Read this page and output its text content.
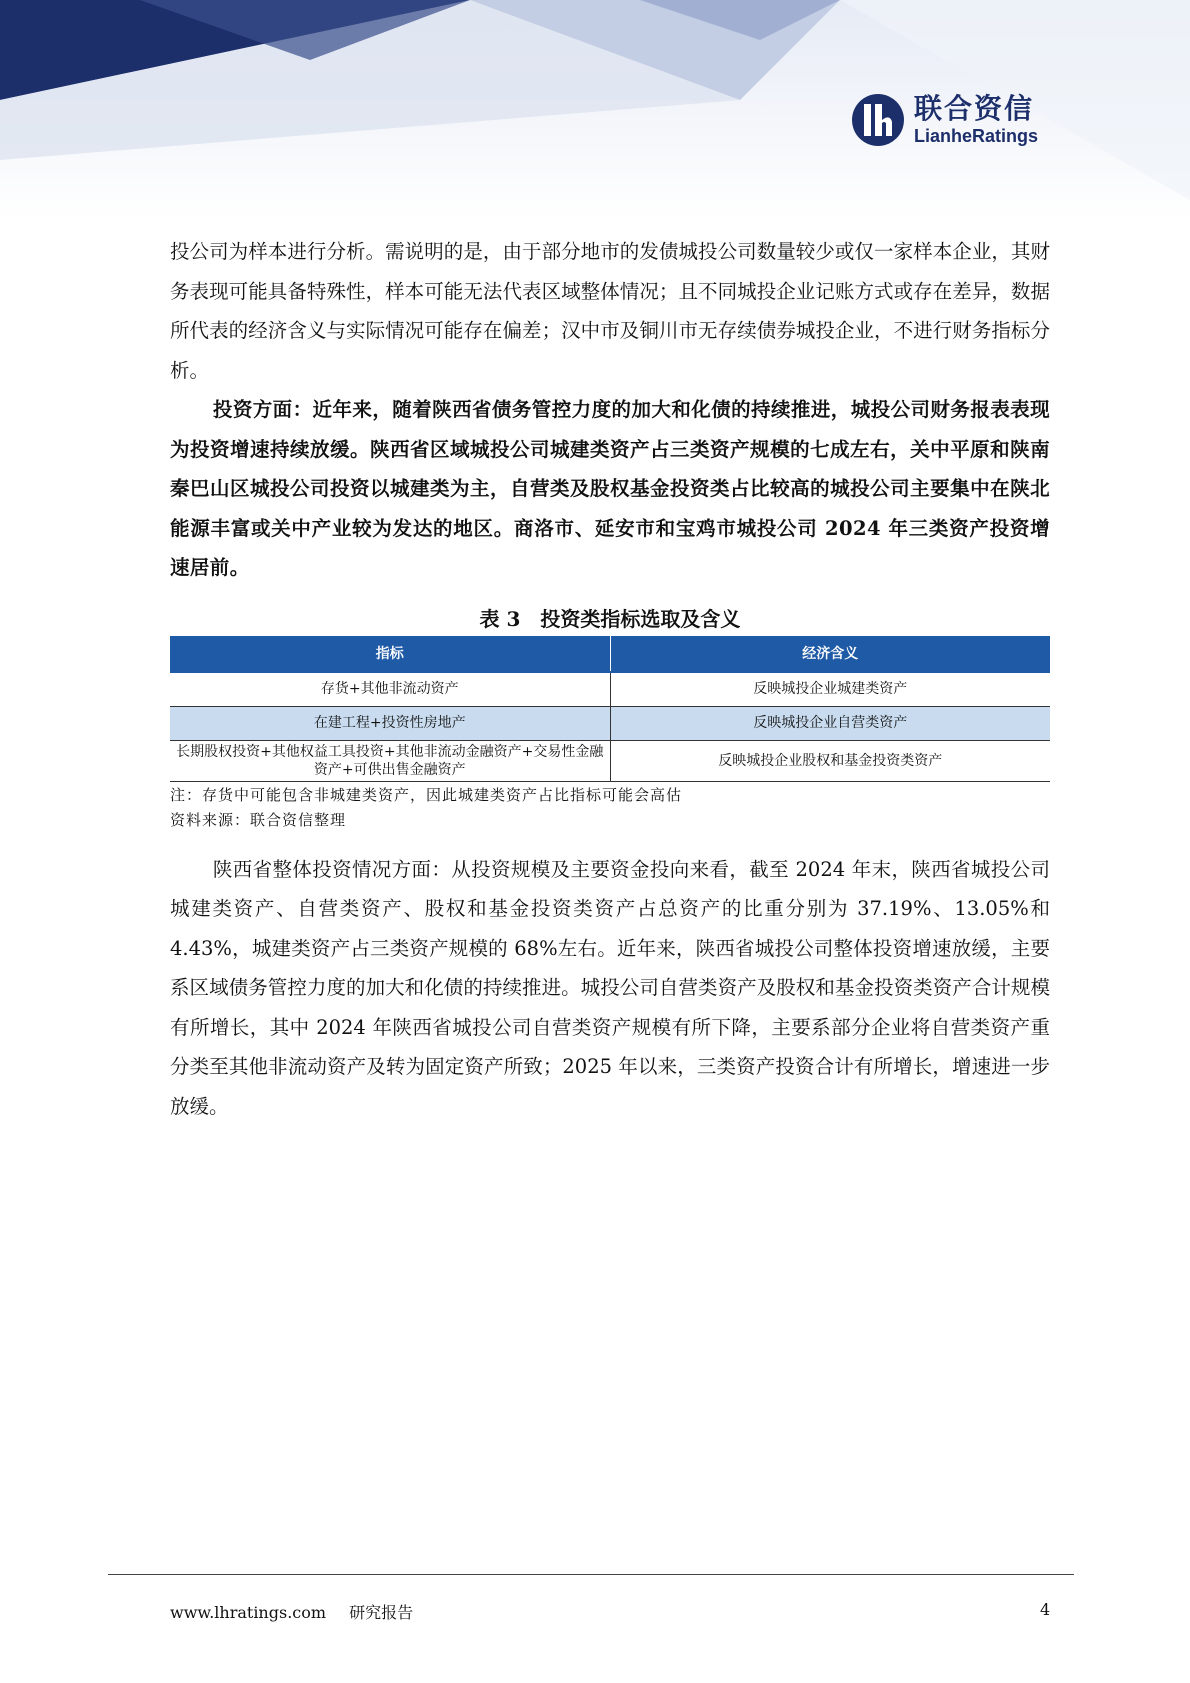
联合资信
LianheRatings

投公司为样本进行分析。需说明的是，由于部分地市的发债城投公司数量较少或仅一家样本企业，其财务表现可能具备特殊性，样本可能无法代表区域整体情况；且不同城投企业记账方式或存在差异，数据所代表的经济含义与实际情况可能存在偏差；汉中市及铜川市无存续债券城投企业，不进行财务指标分析。

投资方面：近年来，随着陕西省债务管控力度的加大和化债的持续推进，城投公司财务报表表现为投资增速持续放缓。陕西省区域城投公司城建类资产占三类资产规模的七成左右，关中平原和陕南秦巴山区城投公司投资以城建类为主，自营类及股权基金投资类占比较高的城投公司主要集中在陕北能源丰富或关中产业较为发达的地区。商洛市、延安市和宝鸡市城投公司 2024 年三类资产投资增速居前。

表 3　投资类指标选取及含义
指标	经济含义
存货+其他非流动资产	反映城投企业城建类资产
在建工程+投资性房地产	反映城投企业自营类资产
长期股权投资+其他权益工具投资+其他非流动金融资产+交易性金融资产+可供出售金融资产	反映城投企业股权和基金投资类资产

注：存货中可能包含非城建类资产，因此城建类资产占比指标可能会高估

资料来源：联合资信整理

陕西省整体投资情况方面：从投资规模及主要资金投向来看，截至 2024 年末，陕西省城投公司城建类资产、自营类资产、股权和基金投资类资产占总资产的比重分别为 37.19%、13.05%和 4.43%，城建类资产占三类资产规模的 68%左右。近年来，陕西省城投公司整体投资增速放缓，主要系区域债务管控力度的加大和化债的持续推进。城投公司自营类资产及股权和基金投资类资产合计规模有所增长，其中 2024 年陕西省城投公司自营类资产规模有所下降，主要系部分企业将自营类资产重分类至其他非流动资产及转为固定资产所致；2025 年以来，三类资产投资合计有所增长，增速进一步放缓。

www.lhratings.com 研究报告	4
